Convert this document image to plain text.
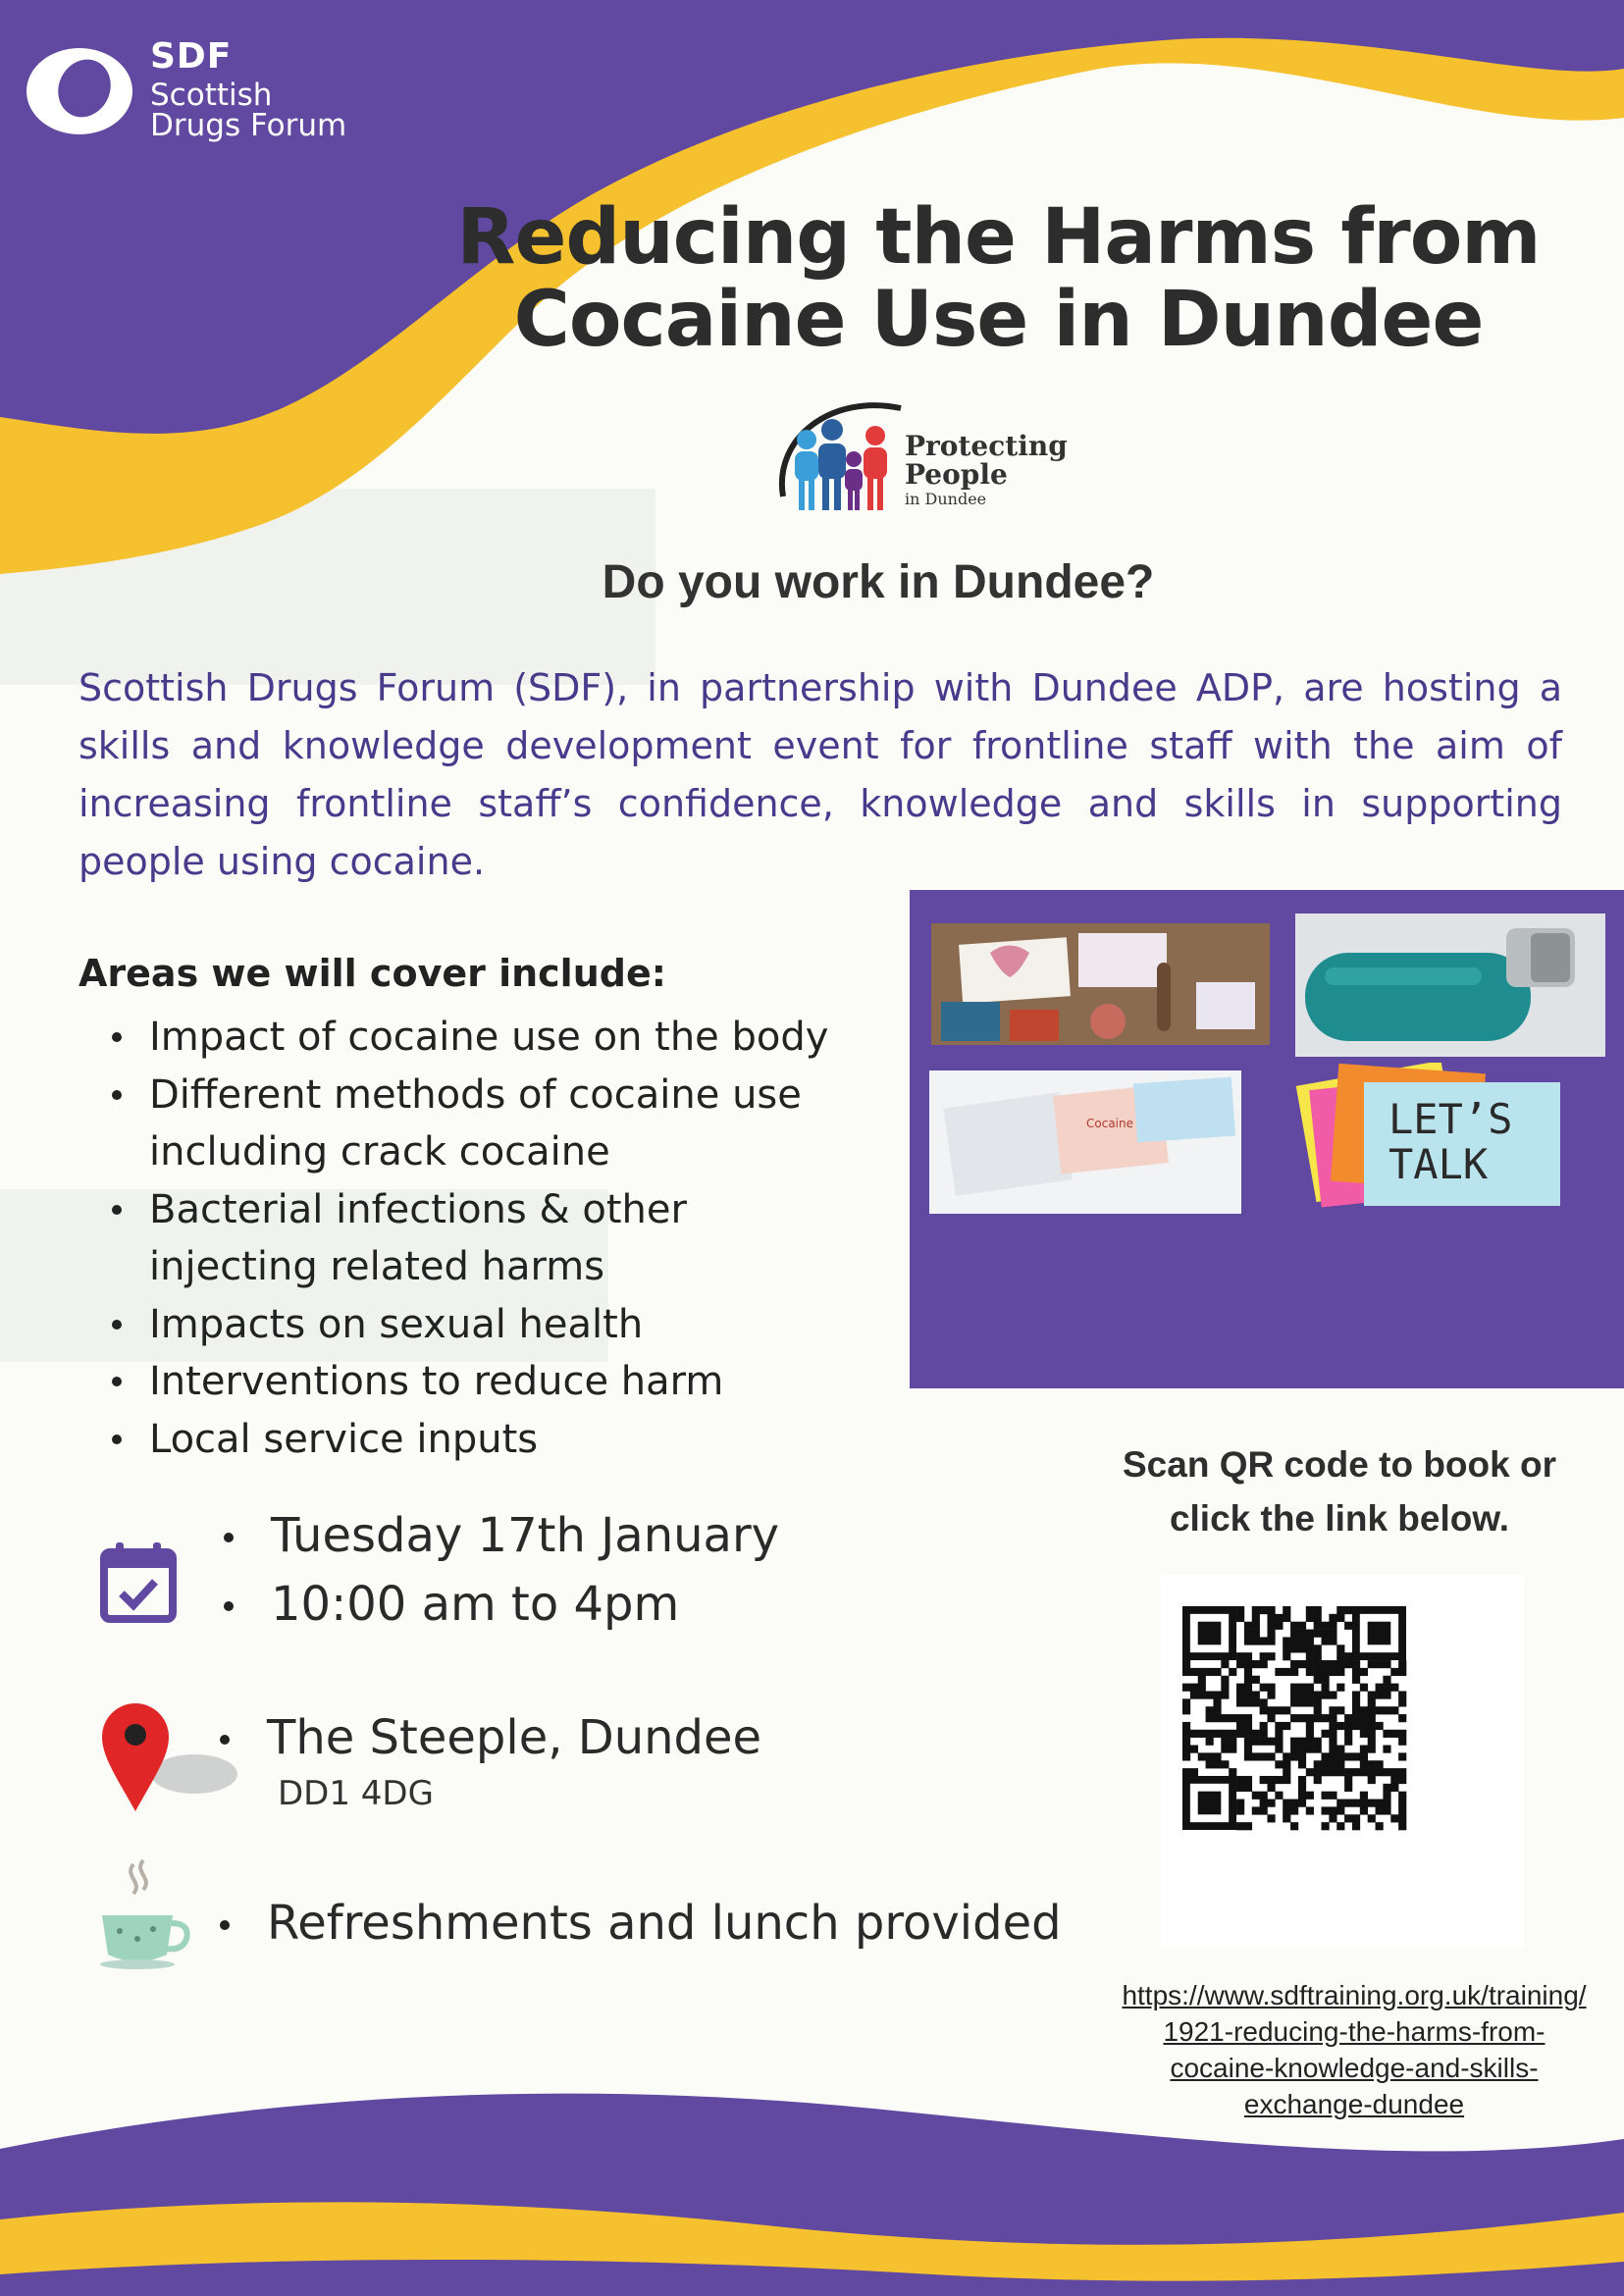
SDF
Scottish Drugs Forum
Reducing the Harms from Cocaine Use in Dundee
Protecting
People
in Dundee
Do you work in Dundee?

Scottish Drugs Forum (SDF), in partnership with Dundee ADP, are hosting a skills and knowledge development event for frontline staff with the aim of increasing frontline staff’s confidence, knowledge and skills in supporting people using cocaine.

Areas we will cover include:
Impact of cocaine use on the body
Different methods of cocaine use including crack cocaine
Bacterial infections & other injecting related harms
Impacts on sexual health
Interventions to reduce harm
Local service inputs
Cocaine	LET’S
TALK
Tuesday 17th January
10:00 am to 4pm
The Steeple, Dundee
DD1 4DG
Refreshments and lunch provided

Scan QR code to book or click the link below.

https://www.sdftraining.org.uk/training/
1921-reducing-the-harms-from-
cocaine-knowledge-and-skills-
exchange-dundee
